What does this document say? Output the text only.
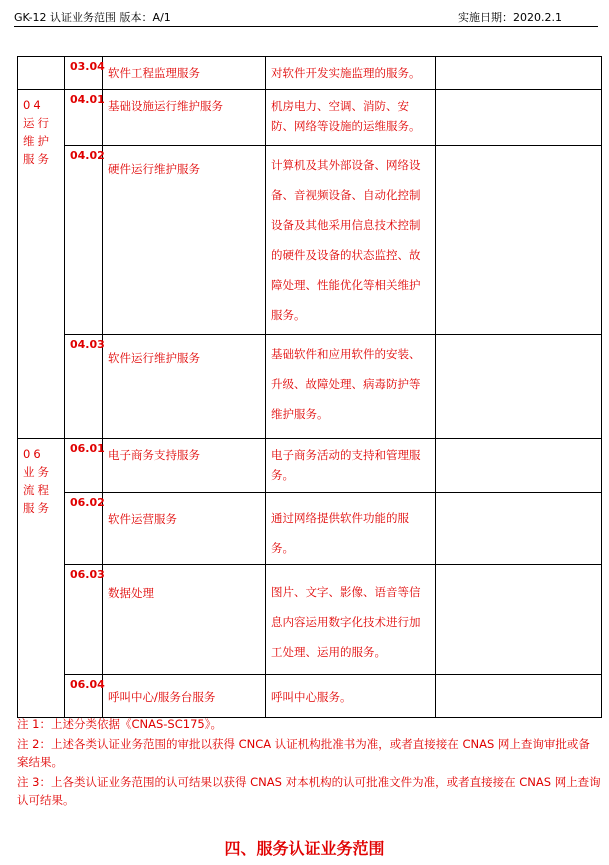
GK-12 认证业务范围 版本：A/1	实施日期：2020.2.1

	03.04	软件工程监理服务	对软件开发实施监理的服务。	

04 运行维护服务	04.01	基础设施运行维护服务	机房电力、空调、消防、安防、网络等设施的运维服务。	

	04.02	硬件运行维护服务	计算机及其外部设备、网络设备、音视频设备、自动化控制设备及其他采用信息技术控制的硬件及设备的状态监控、故障处理、性能优化等相关维护服务。	

	04.03	软件运行维护服务	基础软件和应用软件的安装、升级、故障处理、病毒防护等维护服务。	

06 业务流程服务	06.01	电子商务支持服务	电子商务活动的支持和管理服务。	

	06.02	软件运营服务	通过网络提供软件功能的服务。	

	06.03	数据处理	图片、文字、影像、语音等信息内容运用数字化技术进行加工处理、运用的服务。	

	06.04	呼叫中心/服务台服务	呼叫中心服务。	

注 1：上述分类依据《CNAS-SC175》。

注 2：上述各类认证业务范围的审批以获得 CNCA 认证机构批准书为准，或者直接接在 CNAS 网上查询审批或备案结果。

注 3：上各类认证业务范围的认可结果以获得 CNAS 对本机构的认可批准文件为准，或者直接接在 CNAS 网上查询认可结果。

四、服务认证业务范围
